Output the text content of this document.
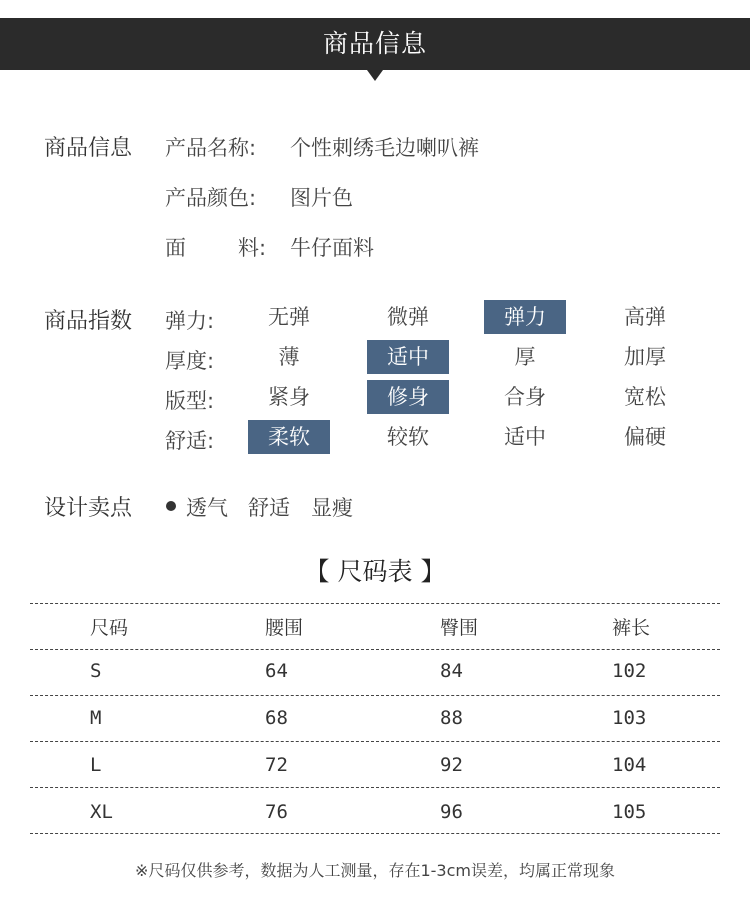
商品信息
商品信息 产品名称: 个性刺绣毛边喇叭裤
产品颜色: 图片色
面 料: 牛仔面料
商品指数 弹力:	无弹	微弹	弹力	高弹
厚度:	薄	适中	厚	加厚
版型:	紧身	修身	合身	宽松
舒适:	柔软	较软	适中	偏硬
设计卖点	透气 舒适 显瘦
【 尺码表 】
尺码	腰围	臀围	裤长
S	64	84	102
M	68	88	103
L	72	92	104
XL	76	96	105
※尺码仅供参考，数据为人工测量，存在1-3cm误差，均属正常现象
